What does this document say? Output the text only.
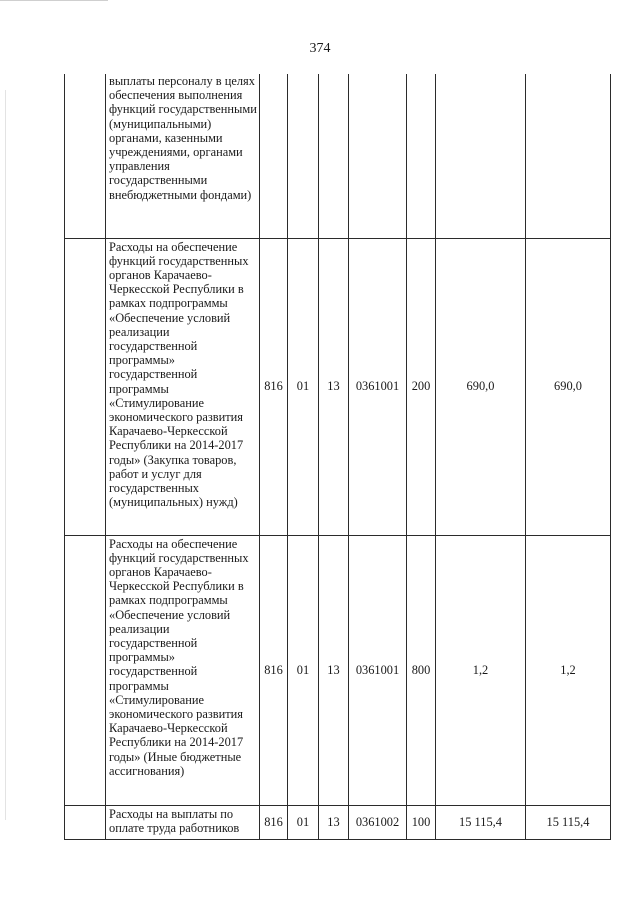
374
	выплаты персоналу в целях обеспечения выполнения функций государственными (муниципальными) органами, казенными учреждениями, органами управления государственными внебюджетными фондами)							
	Расходы на обеспечение функций государственных органов Карачаево-Черкесской Республики в рамках подпрограммы «Обеспечение условий реализации государственной программы» государственной программы «Стимулирование экономического развития Карачаево-Черкесской Республики на 2014-2017 годы» (Закупка товаров, работ и услуг для государственных (муниципальных) нужд)	816	01	13	0361001	200	690,0	690,0
	Расходы на обеспечение функций государственных органов Карачаево-Черкесской Республики в рамках подпрограммы «Обеспечение условий реализации государственной программы» государственной программы «Стимулирование экономического развития Карачаево-Черкесской Республики на 2014-2017 годы» (Иные бюджетные ассигнования)	816	01	13	0361001	800	1,2	1,2
	Расходы на выплаты по оплате труда работников	816	01	13	0361002	100	15 115,4	15 115,4
